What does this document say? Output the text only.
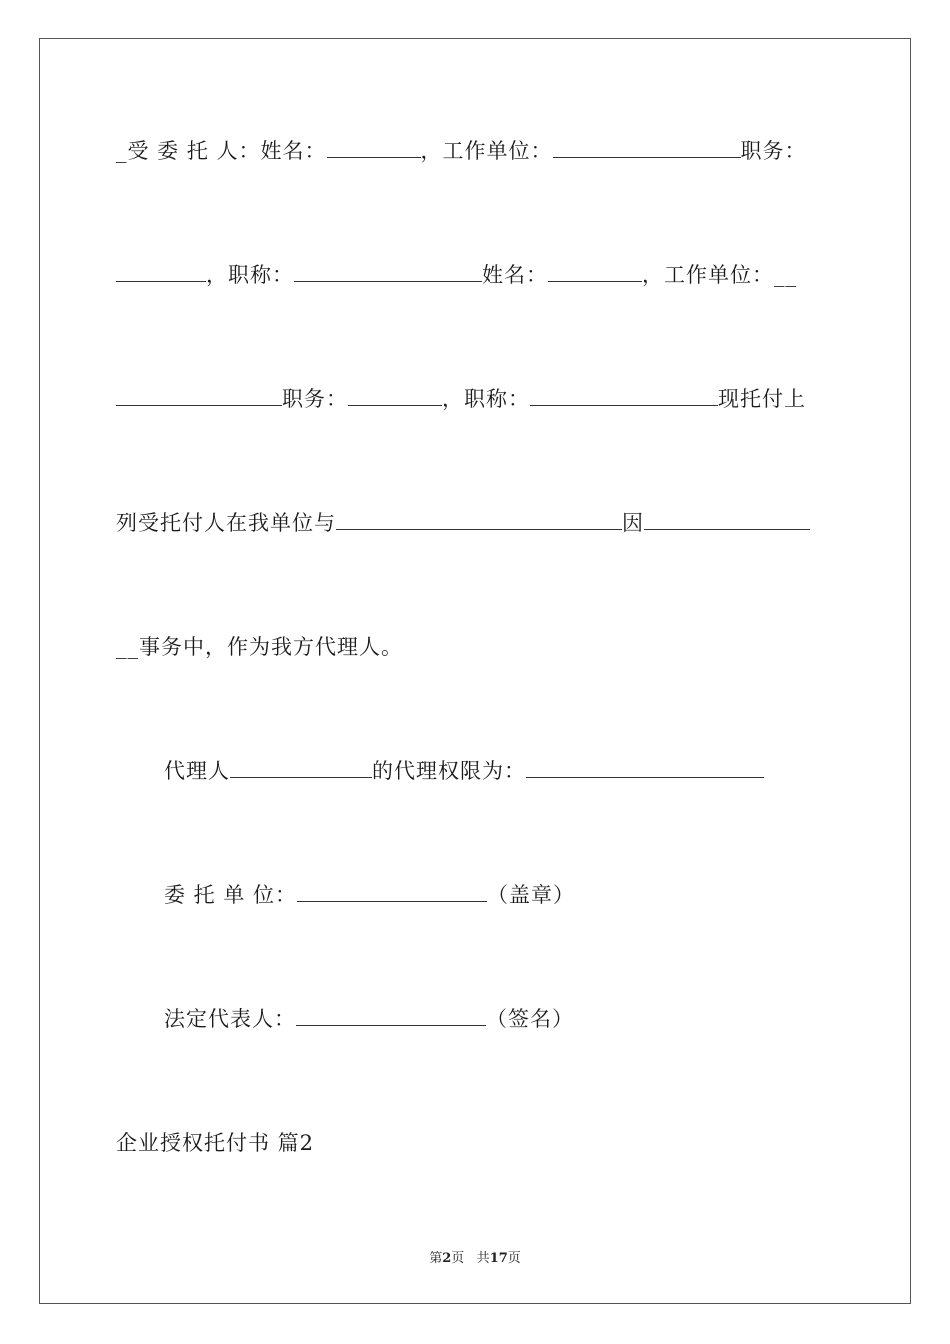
_受 委 托 人：姓名：	，工作单位：	职务：
，职称：	姓名：	，工作单位：__
职务：	，职称：	现托付上
列受托付人在我单位与	因
__事务中，作为我方代理人。
代理人	的代理权限为：
委 托 单 位：	（盖章）
法定代表人：	（签名）
企业授权托付书 篇2
第2页 共17页
